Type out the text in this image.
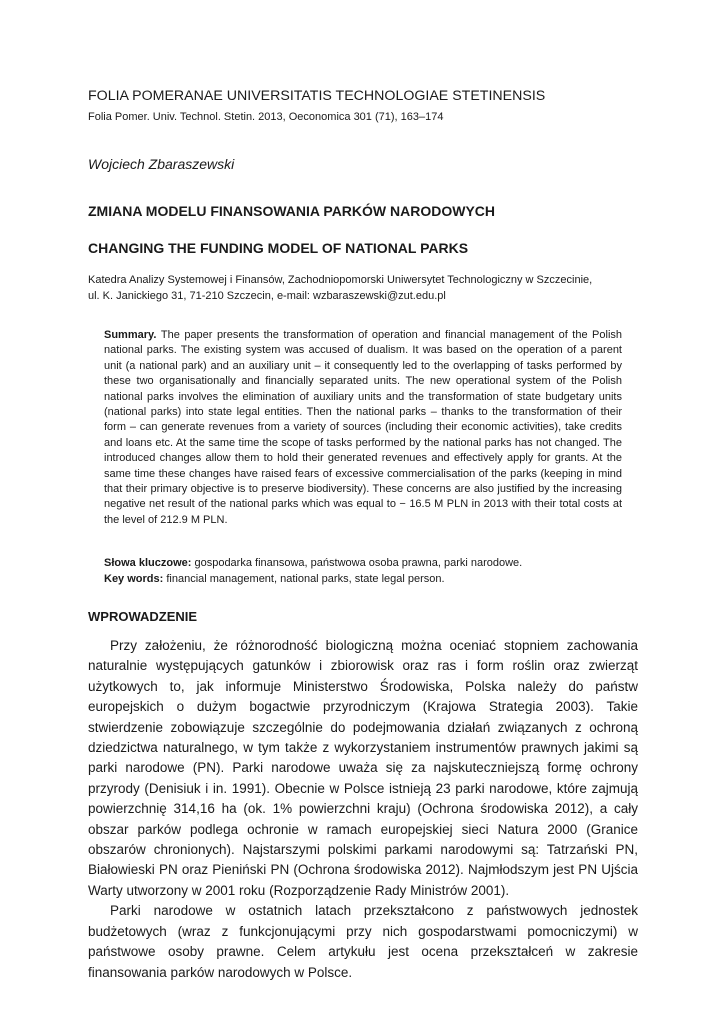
FOLIA POMERANAE UNIVERSITATIS TECHNOLOGIAE STETINENSIS
Folia Pomer. Univ. Technol. Stetin. 2013, Oeconomica 301 (71), 163–174
Wojciech Zbaraszewski
ZMIANA MODELU FINANSOWANIA PARKÓW NARODOWYCH
CHANGING THE FUNDING MODEL OF NATIONAL PARKS
Katedra Analizy Systemowej i Finansów, Zachodniopomorski Uniwersytet Technologiczny w Szczecinie,
ul. K. Janickiego 31, 71-210 Szczecin, e-mail: wzbaraszewski@zut.edu.pl
Summary. The paper presents the transformation of operation and financial management of the Polish national parks. The existing system was accused of dualism. It was based on the operation of a parent unit (a national park) and an auxiliary unit – it consequently led to the overlapping of tasks performed by these two organisationally and financially separated units. The new operational system of the Polish national parks involves the elimination of auxiliary units and the transformation of state budgetary units (national parks) into state legal entities. Then the national parks – thanks to the transformation of their form – can generate revenues from a variety of sources (including their economic activities), take credits and loans etc. At the same time the scope of tasks performed by the national parks has not changed. The introduced changes allow them to hold their generated revenues and effectively apply for grants. At the same time these changes have raised fears of excessive commercialisation of the parks (keeping in mind that their primary objective is to preserve biodiversity). These concerns are also justified by the increasing negative net result of the national parks which was equal to − 16.5 M PLN in 2013 with their total costs at the level of 212.9 M PLN.
Słowa kluczowe: gospodarka finansowa, państwowa osoba prawna, parki narodowe.
Key words: financial management, national parks, state legal person.
WPROWADZENIE

Przy założeniu, że różnorodność biologiczną można oceniać stopniem zachowania naturalnie występujących gatunków i zbiorowisk oraz ras i form roślin oraz zwierząt użytkowych to, jak informuje Ministerstwo Środowiska, Polska należy do państw europejskich o dużym bogactwie przyrodniczym (Krajowa Strategia 2003). Takie stwierdzenie zobowiązuje szczególnie do podejmowania działań związanych z ochroną dziedzictwa naturalnego, w tym także z wykorzystaniem instrumentów prawnych jakimi są parki narodowe (PN). Parki narodowe uważa się za najskuteczniejszą formę ochrony przyrody (Denisiuk i in. 1991). Obecnie w Polsce istnieją 23 parki narodowe, które zajmują powierzchnię 314,16 ha (ok. 1% powierzchni kraju) (Ochrona środowiska 2012), a cały obszar parków podlega ochronie w ramach europejskiej sieci Natura 2000 (Granice obszarów chronionych). Najstarszymi polskimi parkami narodowymi są: Tatrzański PN, Białowieski PN oraz Pieniński PN (Ochrona środowiska 2012). Najmłodszym jest PN Ujścia Warty utworzony w 2001 roku (Rozporządzenie Rady Ministrów 2001).

Parki narodowe w ostatnich latach przekształcono z państwowych jednostek budżetowych (wraz z funkcjonującymi przy nich gospodarstwami pomocniczymi) w państwowe osoby prawne. Celem artykułu jest ocena przekształceń w zakresie finansowania parków narodowych w Polsce.
